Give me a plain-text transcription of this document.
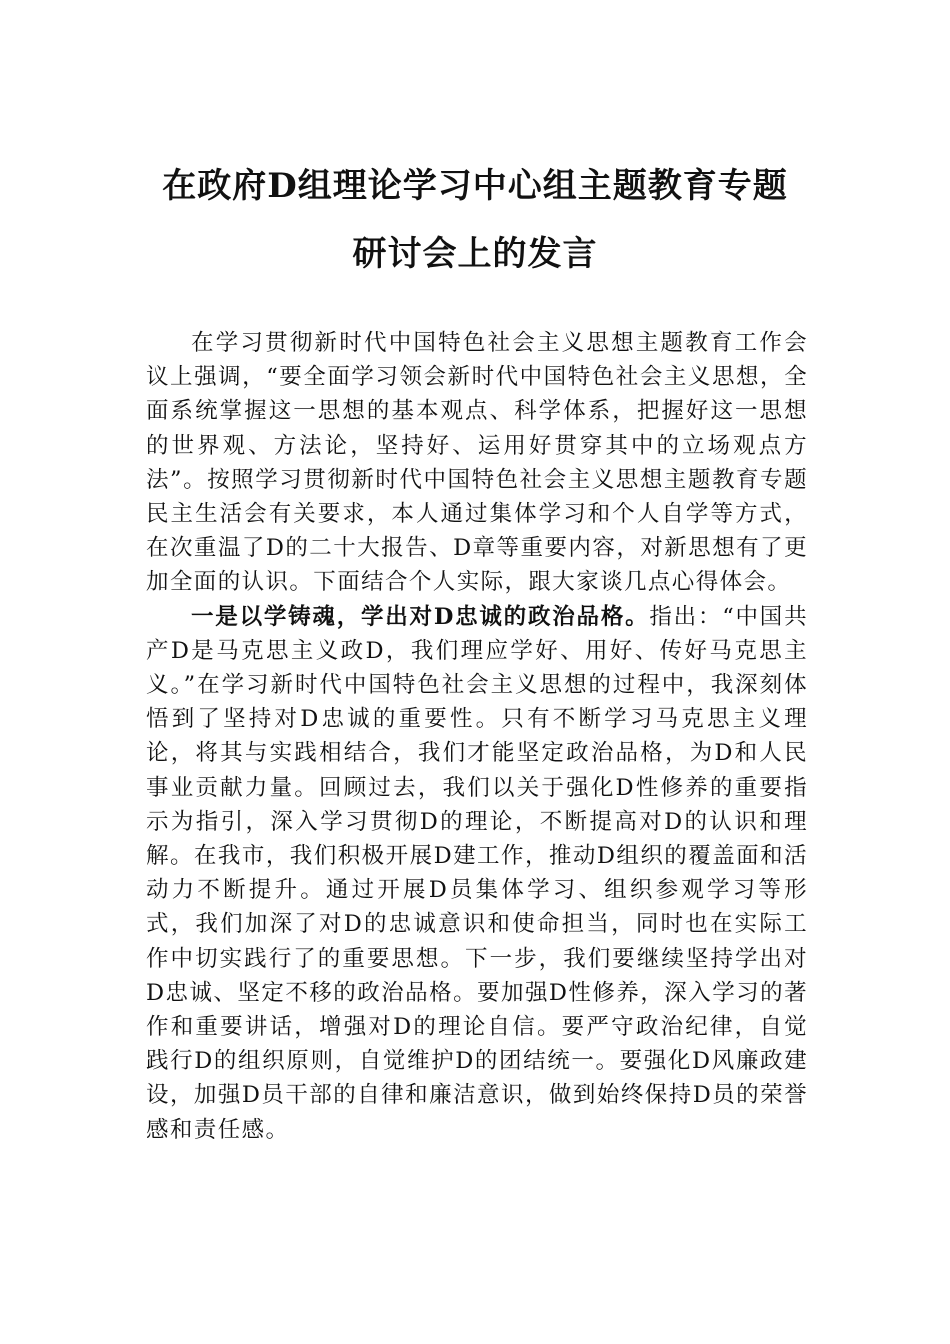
在政府D组理论学习中心组主题教育专题
研讨会上的发言

在学习贯彻新时代中国特色社会主义思想主题教育工作会议上强调，“要全面学习领会新时代中国特色社会主义思想，全面系统掌握这一思想的基本观点、科学体系，把握好这一思想的世界观、方法论，坚持好、运用好贯穿其中的立场观点方法”。按照学习贯彻新时代中国特色社会主义思想主题教育专题民主生活会有关要求，本人通过集体学习和个人自学等方式，在次重温了D的二十大报告、D章等重要内容，对新思想有了更加全面的认识。下面结合个人实际，跟大家谈几点心得体会。

一是以学铸魂，学出对D忠诚的政治品格。指出：“中国共产D是马克思主义政D，我们理应学好、用好、传好马克思主义。”在学习新时代中国特色社会主义思想的过程中，我深刻体悟到了坚持对D忠诚的重要性。只有不断学习马克思主义理论，将其与实践相结合，我们才能坚定政治品格，为D和人民事业贡献力量。回顾过去，我们以关于强化D性修养的重要指示为指引，深入学习贯彻D的理论，不断提高对D的认识和理解。在我市，我们积极开展D建工作，推动D组织的覆盖面和活动力不断提升。通过开展D员集体学习、组织参观学习等形式，我们加深了对D的忠诚意识和使命担当，同时也在实际工作中切实践行了的重要思想。下一步，我们要继续坚持学出对D忠诚、坚定不移的政治品格。要加强D性修养，深入学习的著作和重要讲话，增强对D的理论自信。要严守政治纪律，自觉践行D的组织原则，自觉维护D的团结统一。要强化D风廉政建设，加强D员干部的自律和廉洁意识，做到始终保持D员的荣誉感和责任感。
